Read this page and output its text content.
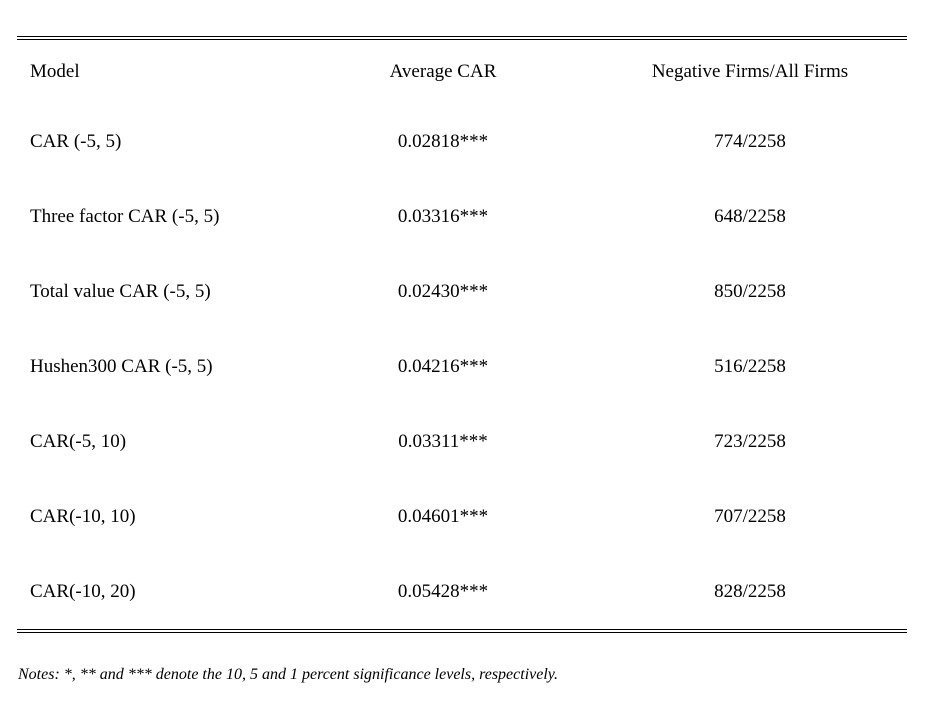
Model	Average CAR	Negative Firms/All Firms
CAR (-5, 5)	0.02818***	774/2258
Three factor CAR (-5, 5)	0.03316***	648/2258
Total value CAR (-5, 5)	0.02430***	850/2258
Hushen300 CAR (-5, 5)	0.04216***	516/2258
CAR(-5, 10)	0.03311***	723/2258
CAR(-10, 10)	0.04601***	707/2258
CAR(-10, 20)	0.05428***	828/2258
Notes: *, ** and *** denote the 10, 5 and 1 percent significance levels, respectively.
